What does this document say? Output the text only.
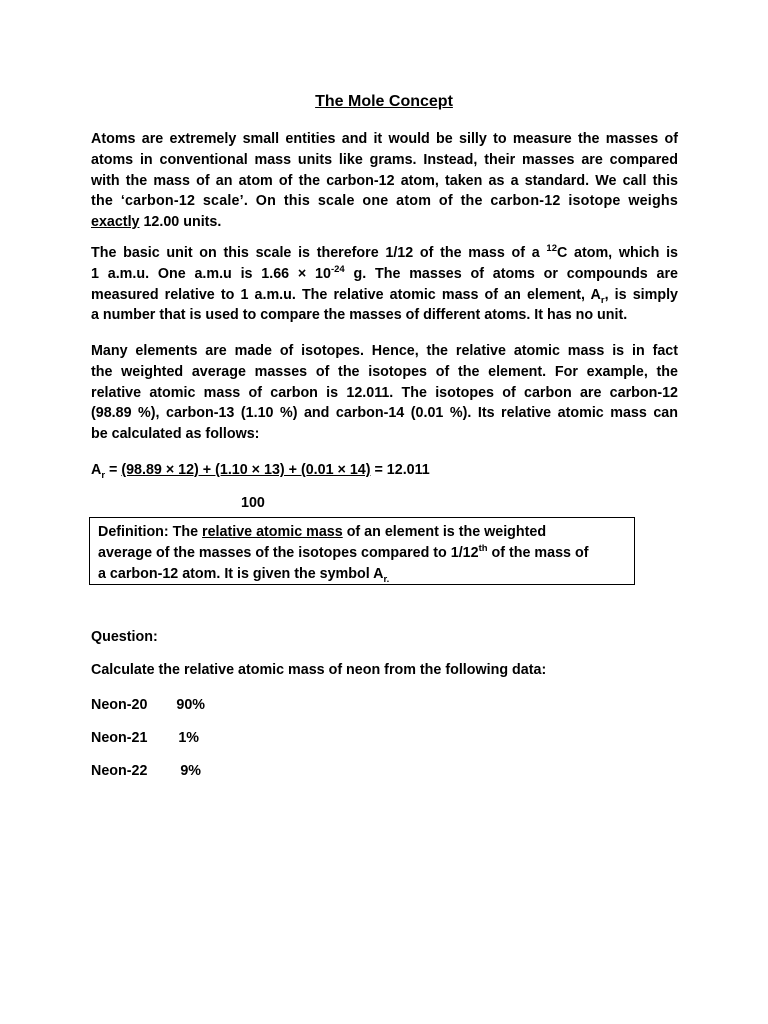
The Mole Concept

Atoms are extremely small entities and it would be silly to measure the masses of
atoms in conventional mass units like grams. Instead, their masses are compared
with the mass of an atom of the carbon-12 atom, taken as a standard. We call this
the ‘carbon-12 scale’. On this scale one atom of the carbon-12 isotope weighs
exactly 12.00 units.

The basic unit on this scale is therefore 1/12 of the mass of a $^{12}$C atom, which is
1 a.m.u. One a.m.u is $1.66 \times 10^{-24}$ g. The masses of atoms or compounds are
measured relative to 1 a.m.u. The relative atomic mass of an element, $A_r$, is simply
a number that is used to compare the masses of different atoms. It has no unit.

Many elements are made of isotopes. Hence, the relative atomic mass is in fact
the weighted average masses of the isotopes of the element. For example, the
relative atomic mass of carbon is 12.011. The isotopes of carbon are carbon-12
(98.89 %), carbon-13 (1.10 %) and carbon-14 (0.01 %). Its relative atomic mass can
be calculated as follows:

$A_r = (98.89 \times 12) + (1.10 \times 13) + (0.01 \times 14) = 12.011$
100
Definition: The relative atomic mass of an element is the weighted
average of the masses of the isotopes compared to 1/12th of the mass of
a carbon-12 atom. It is given the symbol $A_{r.}$
Question:
Calculate the relative atomic mass of neon from the following data:
Neon-20 90%
Neon-21 1%
Neon-22 9%
